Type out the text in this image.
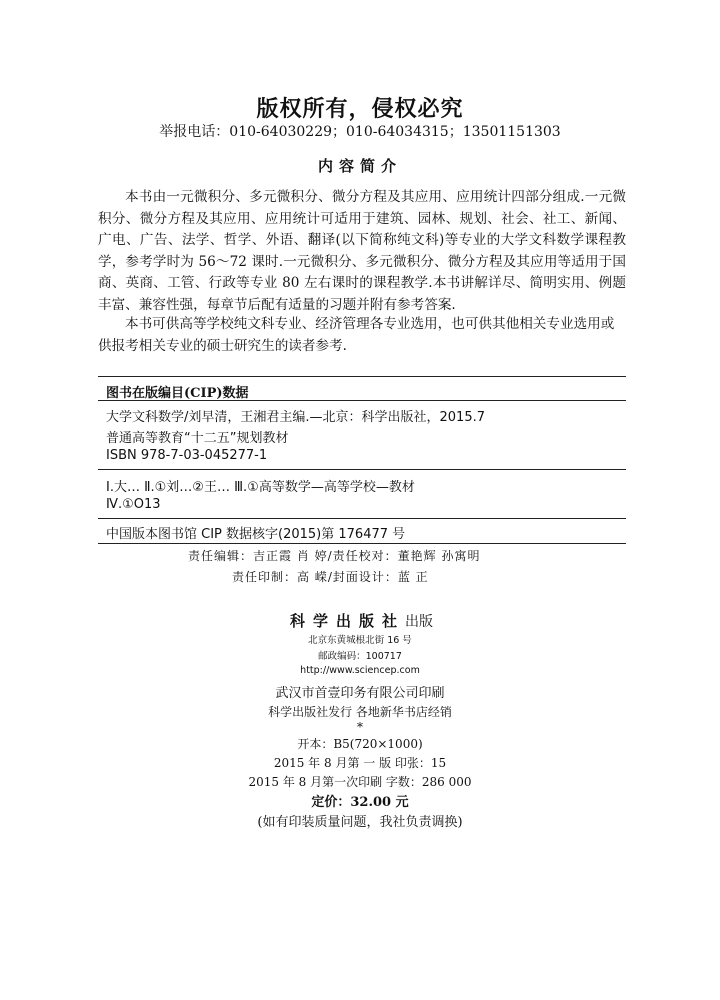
版权所有，侵权必究
举报电话：010-64030229；010-64034315；13501151303
内容简介
本书由一元微积分、多元微积分、微分方程及其应用、应用统计四部分组成.一元微积分、微分方程及其应用、应用统计可适用于建筑、园林、规划、社会、社工、新闻、广电、广告、法学、哲学、外语、翻译(以下简称纯文科)等专业的大学文科数学课程教学，参考学时为 56～72 课时.一元微积分、多元微积分、微分方程及其应用等适用于国商、英商、工管、行政等专业 80 左右课时的课程教学.本书讲解详尽、简明实用、例题丰富、兼容性强，每章节后配有适量的习题并附有参考答案.
本书可供高等学校纯文科专业、经济管理各专业选用，也可供其他相关专业选用或供报考相关专业的硕士研究生的读者参考.
图书在版编目(CIP)数据
大学文科数学/刘早清，王湘君主编.—北京：科学出版社，2015.7
普通高等教育“十二五”规划教材
ISBN 978-7-03-045277-1
Ⅰ.大… Ⅱ.①刘…②王… Ⅲ.①高等数学—高等学校—教材
Ⅳ.①O13
中国版本图书馆 CIP 数据核字(2015)第 176477 号
责任编辑：吉正霞 肖 婷/责任校对：董艳辉 孙寓明
责任印制：高 嵘/封面设计：蓝 正
科学出版社出版
北京东黄城根北街 16 号
邮政编码：100717
http://www.sciencep.com
武汉市首壹印务有限公司印刷
科学出版社发行 各地新华书店经销
*
开本：B5(720×1000)
2015 年 8 月第 一 版 印张：15
2015 年 8 月第一次印刷 字数：286 000
定价：32.00 元
(如有印装质量问题，我社负责调换)
